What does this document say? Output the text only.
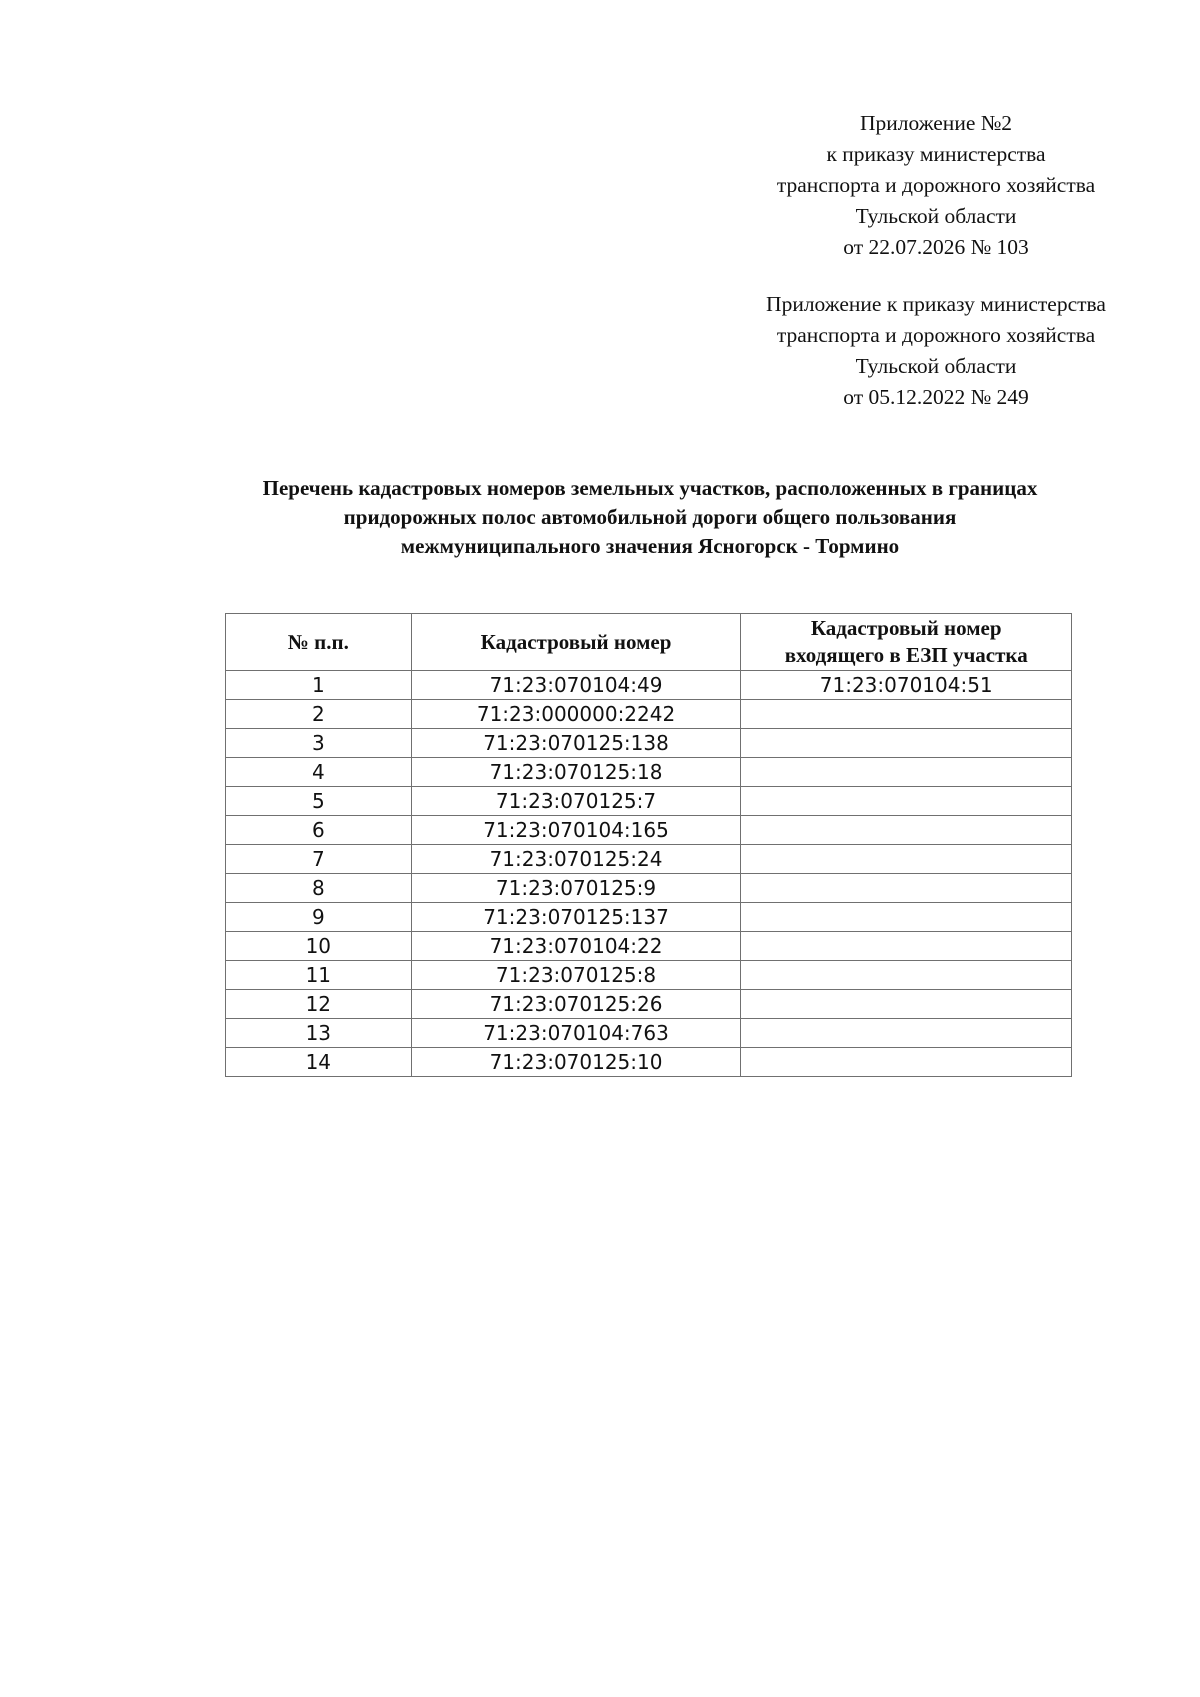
Приложение №2
к приказу министерства
транспорта и дорожного хозяйства
Тульской области
от 22.07.2026 № 103
Приложение к приказу министерства
транспорта и дорожного хозяйства
Тульской области
от 05.12.2022 № 249
Перечень кадастровых номеров земельных участков, расположенных в границах
придорожных полос автомобильной дороги общего пользования
межмуниципального значения Ясногорск - Тормино
№ п.п.	Кадастровый номер	Кадастровый номер
входящего в ЕЗП участка

1	71:23:070104:49	71:23:070104:51
2	71:23:000000:2242	
3	71:23:070125:138	
4	71:23:070125:18	
5	71:23:070125:7	
6	71:23:070104:165	
7	71:23:070125:24	
8	71:23:070125:9	
9	71:23:070125:137	
10	71:23:070104:22	
11	71:23:070125:8	
12	71:23:070125:26	
13	71:23:070104:763	
14	71:23:070125:10	
